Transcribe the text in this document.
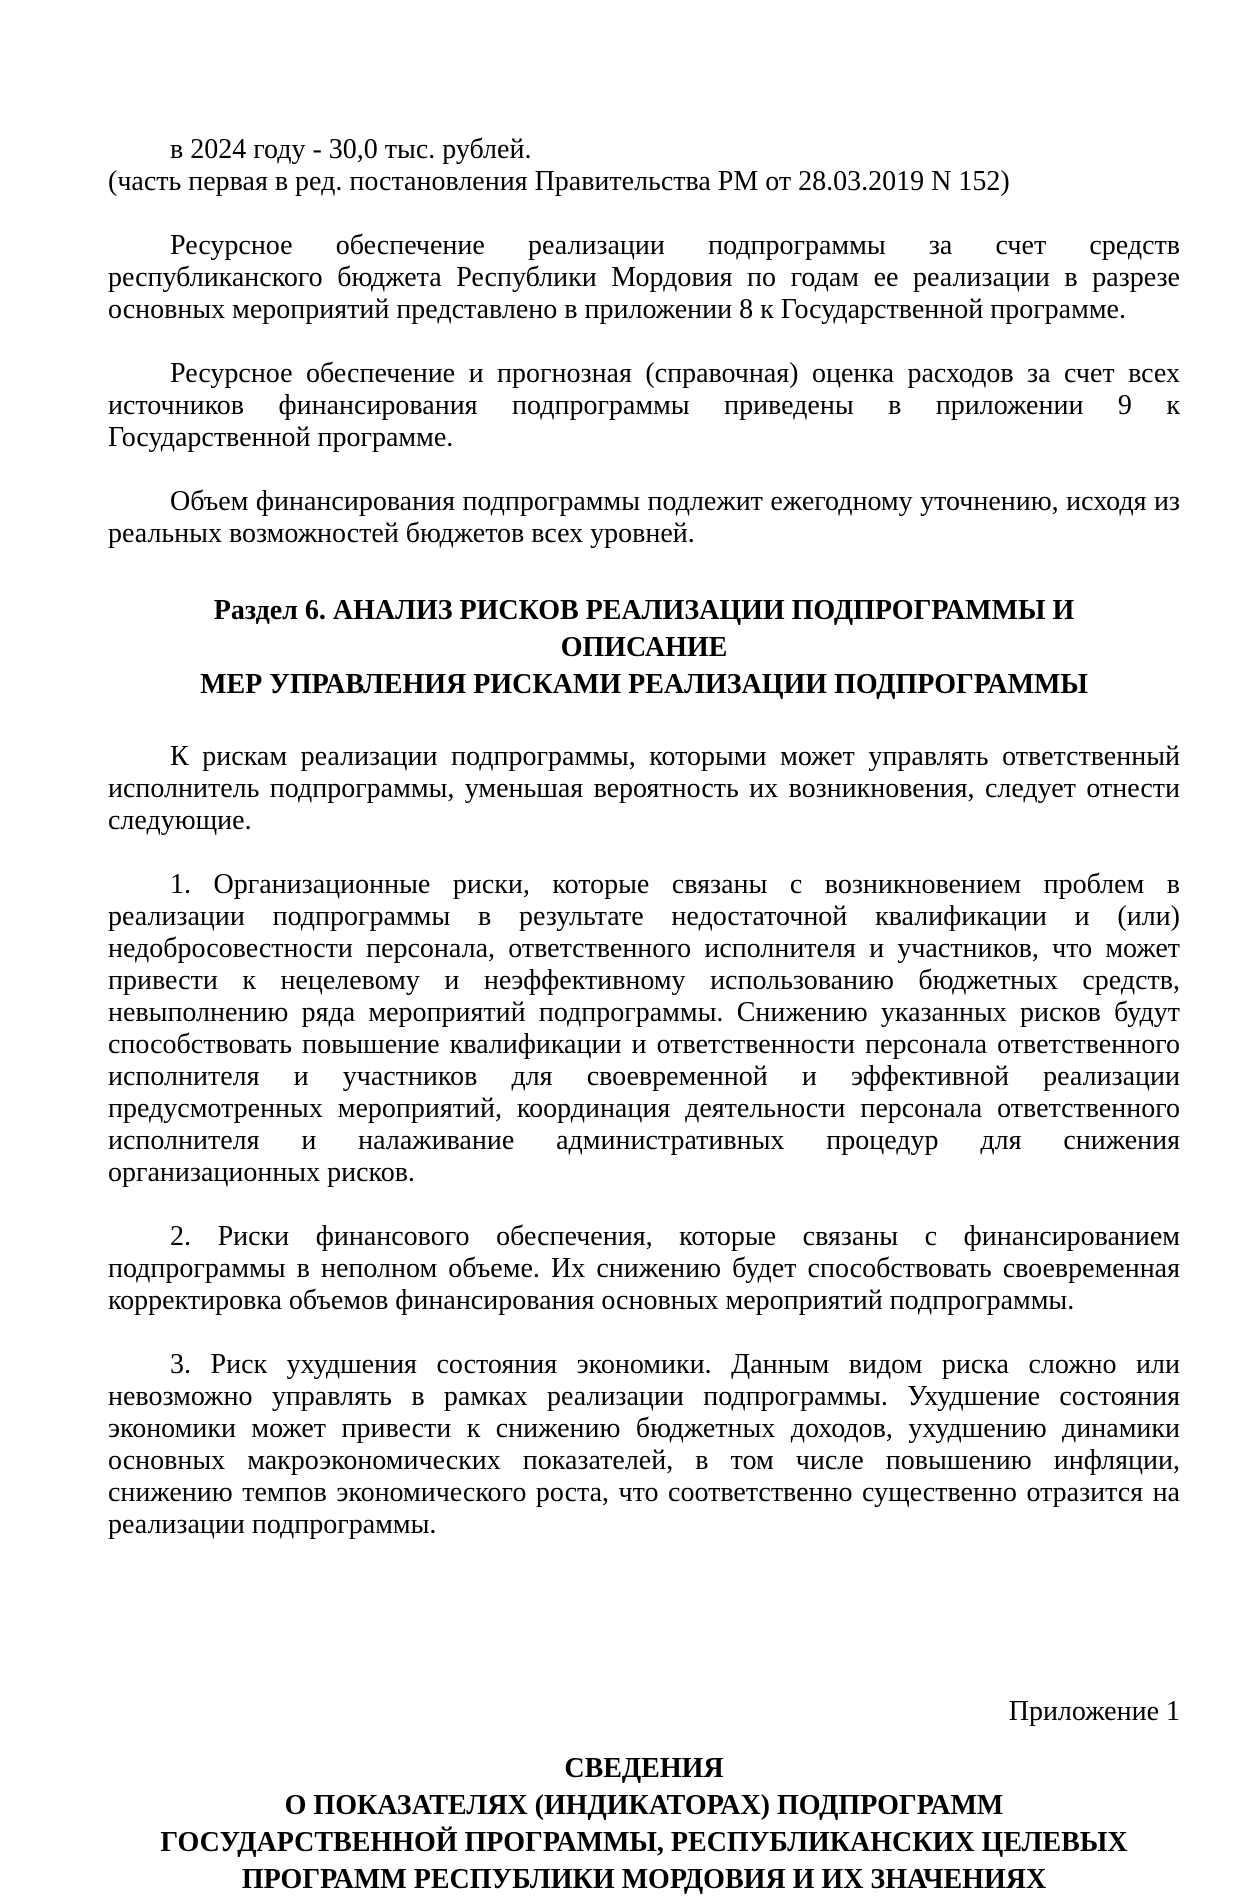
в 2024 году - 30,0 тыс. рублей.

(часть первая в ред. постановления Правительства РМ от 28.03.2019 N 152)

Ресурсное обеспечение реализации подпрограммы за счет средств республиканского бюджета Республики Мордовия по годам ее реализации в разрезе основных мероприятий представлено в приложении 8 к Государственной программе.

Ресурсное обеспечение и прогнозная (справочная) оценка расходов за счет всех источников финансирования подпрограммы приведены в приложении 9 к Государственной программе.

Объем финансирования подпрограммы подлежит ежегодному уточнению, исходя из реальных возможностей бюджетов всех уровней.

Раздел 6. АНАЛИЗ РИСКОВ РЕАЛИЗАЦИИ ПОДПРОГРАММЫ И
ОПИСАНИЕ
МЕР УПРАВЛЕНИЯ РИСКАМИ РЕАЛИЗАЦИИ ПОДПРОГРАММЫ

К рискам реализации подпрограммы, которыми может управлять ответственный исполнитель подпрограммы, уменьшая вероятность их возникновения, следует отнести следующие.

1. Организационные риски, которые связаны с возникновением проблем в реализации подпрограммы в результате недостаточной квалификации и (или) недобросовестности персонала, ответственного исполнителя и участников, что может привести к нецелевому и неэффективному использованию бюджетных средств, невыполнению ряда мероприятий подпрограммы. Снижению указанных рисков будут способствовать повышение квалификации и ответственности персонала ответственного исполнителя и участников для своевременной и эффективной реализации предусмотренных мероприятий, координация деятельности персонала ответственного исполнителя и налаживание административных процедур для снижения организационных рисков.

2. Риски финансового обеспечения, которые связаны с финансированием подпрограммы в неполном объеме. Их снижению будет способствовать своевременная корректировка объемов финансирования основных мероприятий подпрограммы.

3. Риск ухудшения состояния экономики. Данным видом риска сложно или невозможно управлять в рамках реализации подпрограммы. Ухудшение состояния экономики может привести к снижению бюджетных доходов, ухудшению динамики основных макроэкономических показателей, в том числе повышению инфляции, снижению темпов экономического роста, что соответственно существенно отразится на реализации подпрограммы.

Приложение 1

СВЕДЕНИЯ
О ПОКАЗАТЕЛЯХ (ИНДИКАТОРАХ) ПОДПРОГРАММ
ГОСУДАРСТВЕННОЙ ПРОГРАММЫ, РЕСПУБЛИКАНСКИХ ЦЕЛЕВЫХ
ПРОГРАММ РЕСПУБЛИКИ МОРДОВИЯ И ИХ ЗНАЧЕНИЯХ
